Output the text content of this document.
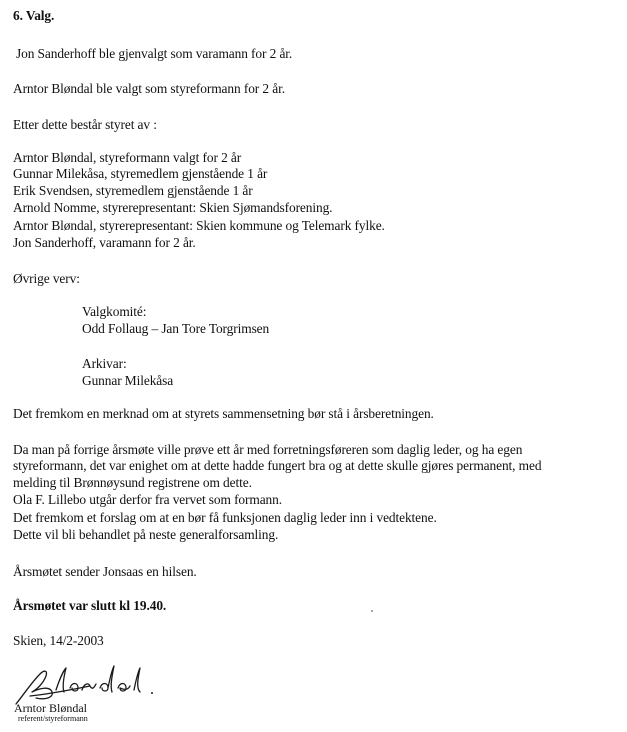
6. Valg.
Jon Sanderhoff ble gjenvalgt som varamann for 2 år.
Arntor Bløndal ble valgt som styreformann for 2 år.
Etter dette består styret av :
Arntor Bløndal, styreformann valgt for 2 år
Gunnar Milekåsa, styremedlem gjenstående 1 år
Erik Svendsen, styremedlem gjenstående 1 år
Arnold Nomme, styrerepresentant: Skien Sjømandsforening.
Arntor Bløndal, styrerepresentant: Skien kommune og Telemark fylke.
Jon Sanderhoff, varamann for 2 år.
Øvrige verv:
Valgkomité:
Odd Follaug – Jan Tore Torgrimsen
Arkivar:
Gunnar Milekåsa
Det fremkom en merknad om at styrets sammensetning bør stå i årsberetningen.
Da man på forrige årsmøte ville prøve ett år med forretningsføreren som daglig leder, og ha egen
styreformann, det var enighet om at dette hadde fungert bra og at dette skulle gjøres permanent, med
melding til Brønnøysund registrene om dette.
Ola F. Lillebo utgår derfor fra vervet som formann.
Det fremkom et forslag om at en bør få funksjonen daglig leder inn i vedtektene.
Dette vil bli behandlet på neste generalforsamling.
Årsmøtet sender Jonsaas en hilsen.
Årsmøtet var slutt kl 19.40.
Skien, 14/2-2003
Arntor Bløndal
referent/styreformann
